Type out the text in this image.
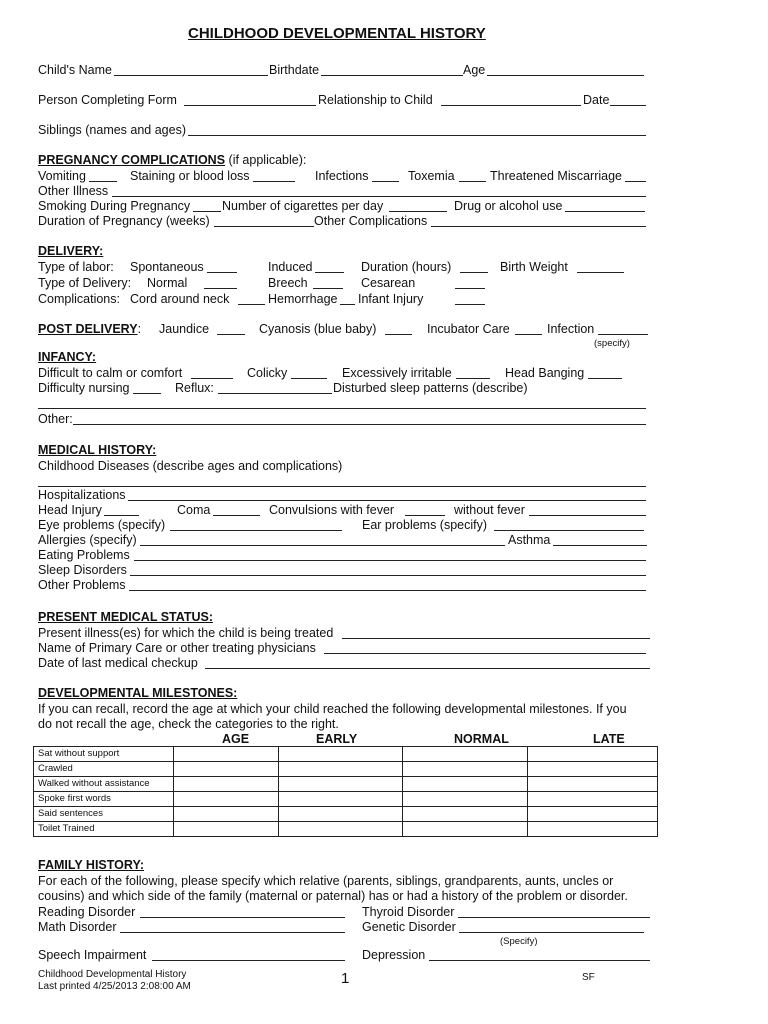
CHILDHOOD DEVELOPMENTAL HISTORY
Child's Name	Birthdate	Age
Person Completing Form	Relationship to Child	Date
Siblings (names and ages)
PREGNANCY COMPLICATIONS (if applicable):
Vomiting	Staining or blood loss	Infections	Toxemia	Threatened Miscarriage
Other Illness
Smoking During Pregnancy	Number of cigarettes per day	Drug or alcohol use
Duration of Pregnancy (weeks)	Other Complications
DELIVERY:
Type of labor: Spontaneous	Induced	Duration (hours)	Birth Weight
Type of Delivery: Normal	Breech	Cesarean
Complications: Cord around neck	Hemorrhage Infant Injury
POST DELIVERY: Jaundice	Cyanosis (blue baby)	Incubator Care	Infection
(specify)
INFANCY:
Difficult to calm or comfort	Colicky	Excessively irritable	Head Banging
Difficulty nursing	Reflux:	Disturbed sleep patterns (describe)
Other:
MEDICAL HISTORY:
Childhood Diseases (describe ages and complications)
Hospitalizations
Head Injury	Coma	Convulsions with fever	without fever
Eye problems (specify)	Ear problems (specify)
Allergies (specify)	Asthma
Eating Problems
Sleep Disorders
Other Problems
PRESENT MEDICAL STATUS:
Present illness(es) for which the child is being treated
Name of Primary Care or other treating physicians
Date of last medical checkup
DEVELOPMENTAL MILESTONES:
If you can recall, record the age at which your child reached the following developmental milestones. If you
do not recall the age, check the categories to the right.
AGE	EARLY	NORMAL	LATE
Sat without support				
Crawled				
Walked without assistance				
Spoke first words				
Said sentences				
Toilet Trained				
FAMILY HISTORY:
For each of the following, please specify which relative (parents, siblings, grandparents, aunts, uncles or
cousins) and which side of the family (maternal or paternal) has or had a history of the problem or disorder.
Reading Disorder	Thyroid Disorder
Math Disorder	Genetic Disorder
(Specify)
Speech Impairment	Depression
Childhood Developmental History
Last printed 4/25/2013 2:08:00 AM	1	SF
